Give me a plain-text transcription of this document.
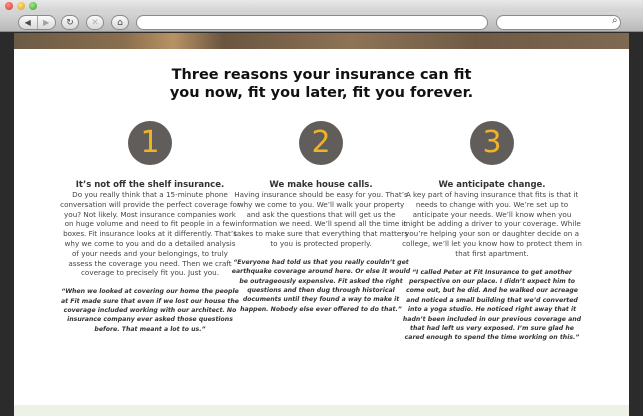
◀	▶	↻	✕	⌂	⌕
Three reasons your insurance can fit
you now, fit you later, fit you forever.
1
It’s not off the shelf insurance.

Do you really think that a 15-minute phone conversation will provide the perfect coverage for you? Not likely. Most insurance companies work on huge volume and need to fit people in a few boxes. Fit insurance looks at it differently. That’s why we come to you and do a detailed analysis of your needs and your belongings, to truly assess the coverage you need. Then we craft coverage to precisely fit you. Just you.

“When we looked at covering our home the people at Fit made sure that even if we lost our house the coverage included working with our architect. No insurance company ever asked those questions before. That meant a lot to us.”

2
We make house calls.

Having insurance should be easy for you. That’s why we come to you. We’ll walk your property and ask the questions that will get us the information we need. We’ll spend all the time it takes to make sure that everything that matters to you is protected properly.

“Everyone had told us that you really couldn’t get earthquake coverage around here. Or else it would be outrageously expensive. Fit asked the right questions and then dug through historical documents until they found a way to make it happen. Nobody else ever offered to do that.”

3
We anticipate change.

A key part of having insurance that fits is that it needs to change with you. We’re set up to anticipate your needs. We’ll know when you might be adding a driver to your coverage. While you’re helping your son or daughter decide on a college, we’ll let you know how to protect them in that first apartment.

“I called Peter at Fit Insurance to get another perspective on our place. I didn’t expect him to come out, but he did. And he walked our acreage and noticed a small building that we’d converted into a yoga studio. He noticed right away that it hadn’t been included in our previous coverage and that had left us very exposed. I’m sure glad he cared enough to spend the time working on this.”
